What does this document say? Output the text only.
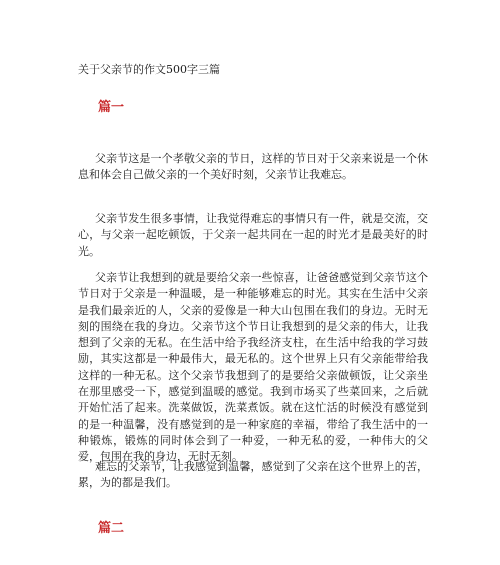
关于父亲节的作文500字三篇
篇一

父亲节这是一个孝敬父亲的节日，这样的节日对于父亲来说是一个休息和体会自己做父亲的一个美好时刻，父亲节让我难忘。

父亲节发生很多事情，让我觉得难忘的事情只有一件，就是交流，交心，与父亲一起吃顿饭，于父亲一起共同在一起的时光才是最美好的时光。

父亲节让我想到的就是要给父亲一些惊喜，让爸爸感觉到父亲节这个节日对于父亲是一种温暖，是一种能够难忘的时光。其实在生活中父亲是我们最亲近的人，父亲的爱像是一种大山包围在我们的身边。无时无刻的围绕在我的身边。父亲节这个节日让我想到的是父亲的伟大，让我想到了父亲的无私。在生活中给予我经济支柱，在生活中给我的学习鼓励，其实这都是一种最伟大，最无私的。这个世界上只有父亲能带给我这样的一种无私。这个父亲节我想到了的是要给父亲做顿饭，让父亲坐在那里感受一下，感觉到温暖的感觉。我到市场买了些菜回来，之后就开始忙活了起来。洗菜做饭，洗菜煮饭。就在这忙活的时候没有感觉到的是一种温馨，没有感觉到的是一种家庭的幸福，带给了我生活中的一种锻炼，锻炼的同时体会到了一种爱，一种无私的爱，一种伟大的父爱，包围在我的身边，无时无刻。

难忘的父亲节，让我感觉到温馨，感觉到了父亲在这个世界上的苦，累，为的都是我们。

篇二
